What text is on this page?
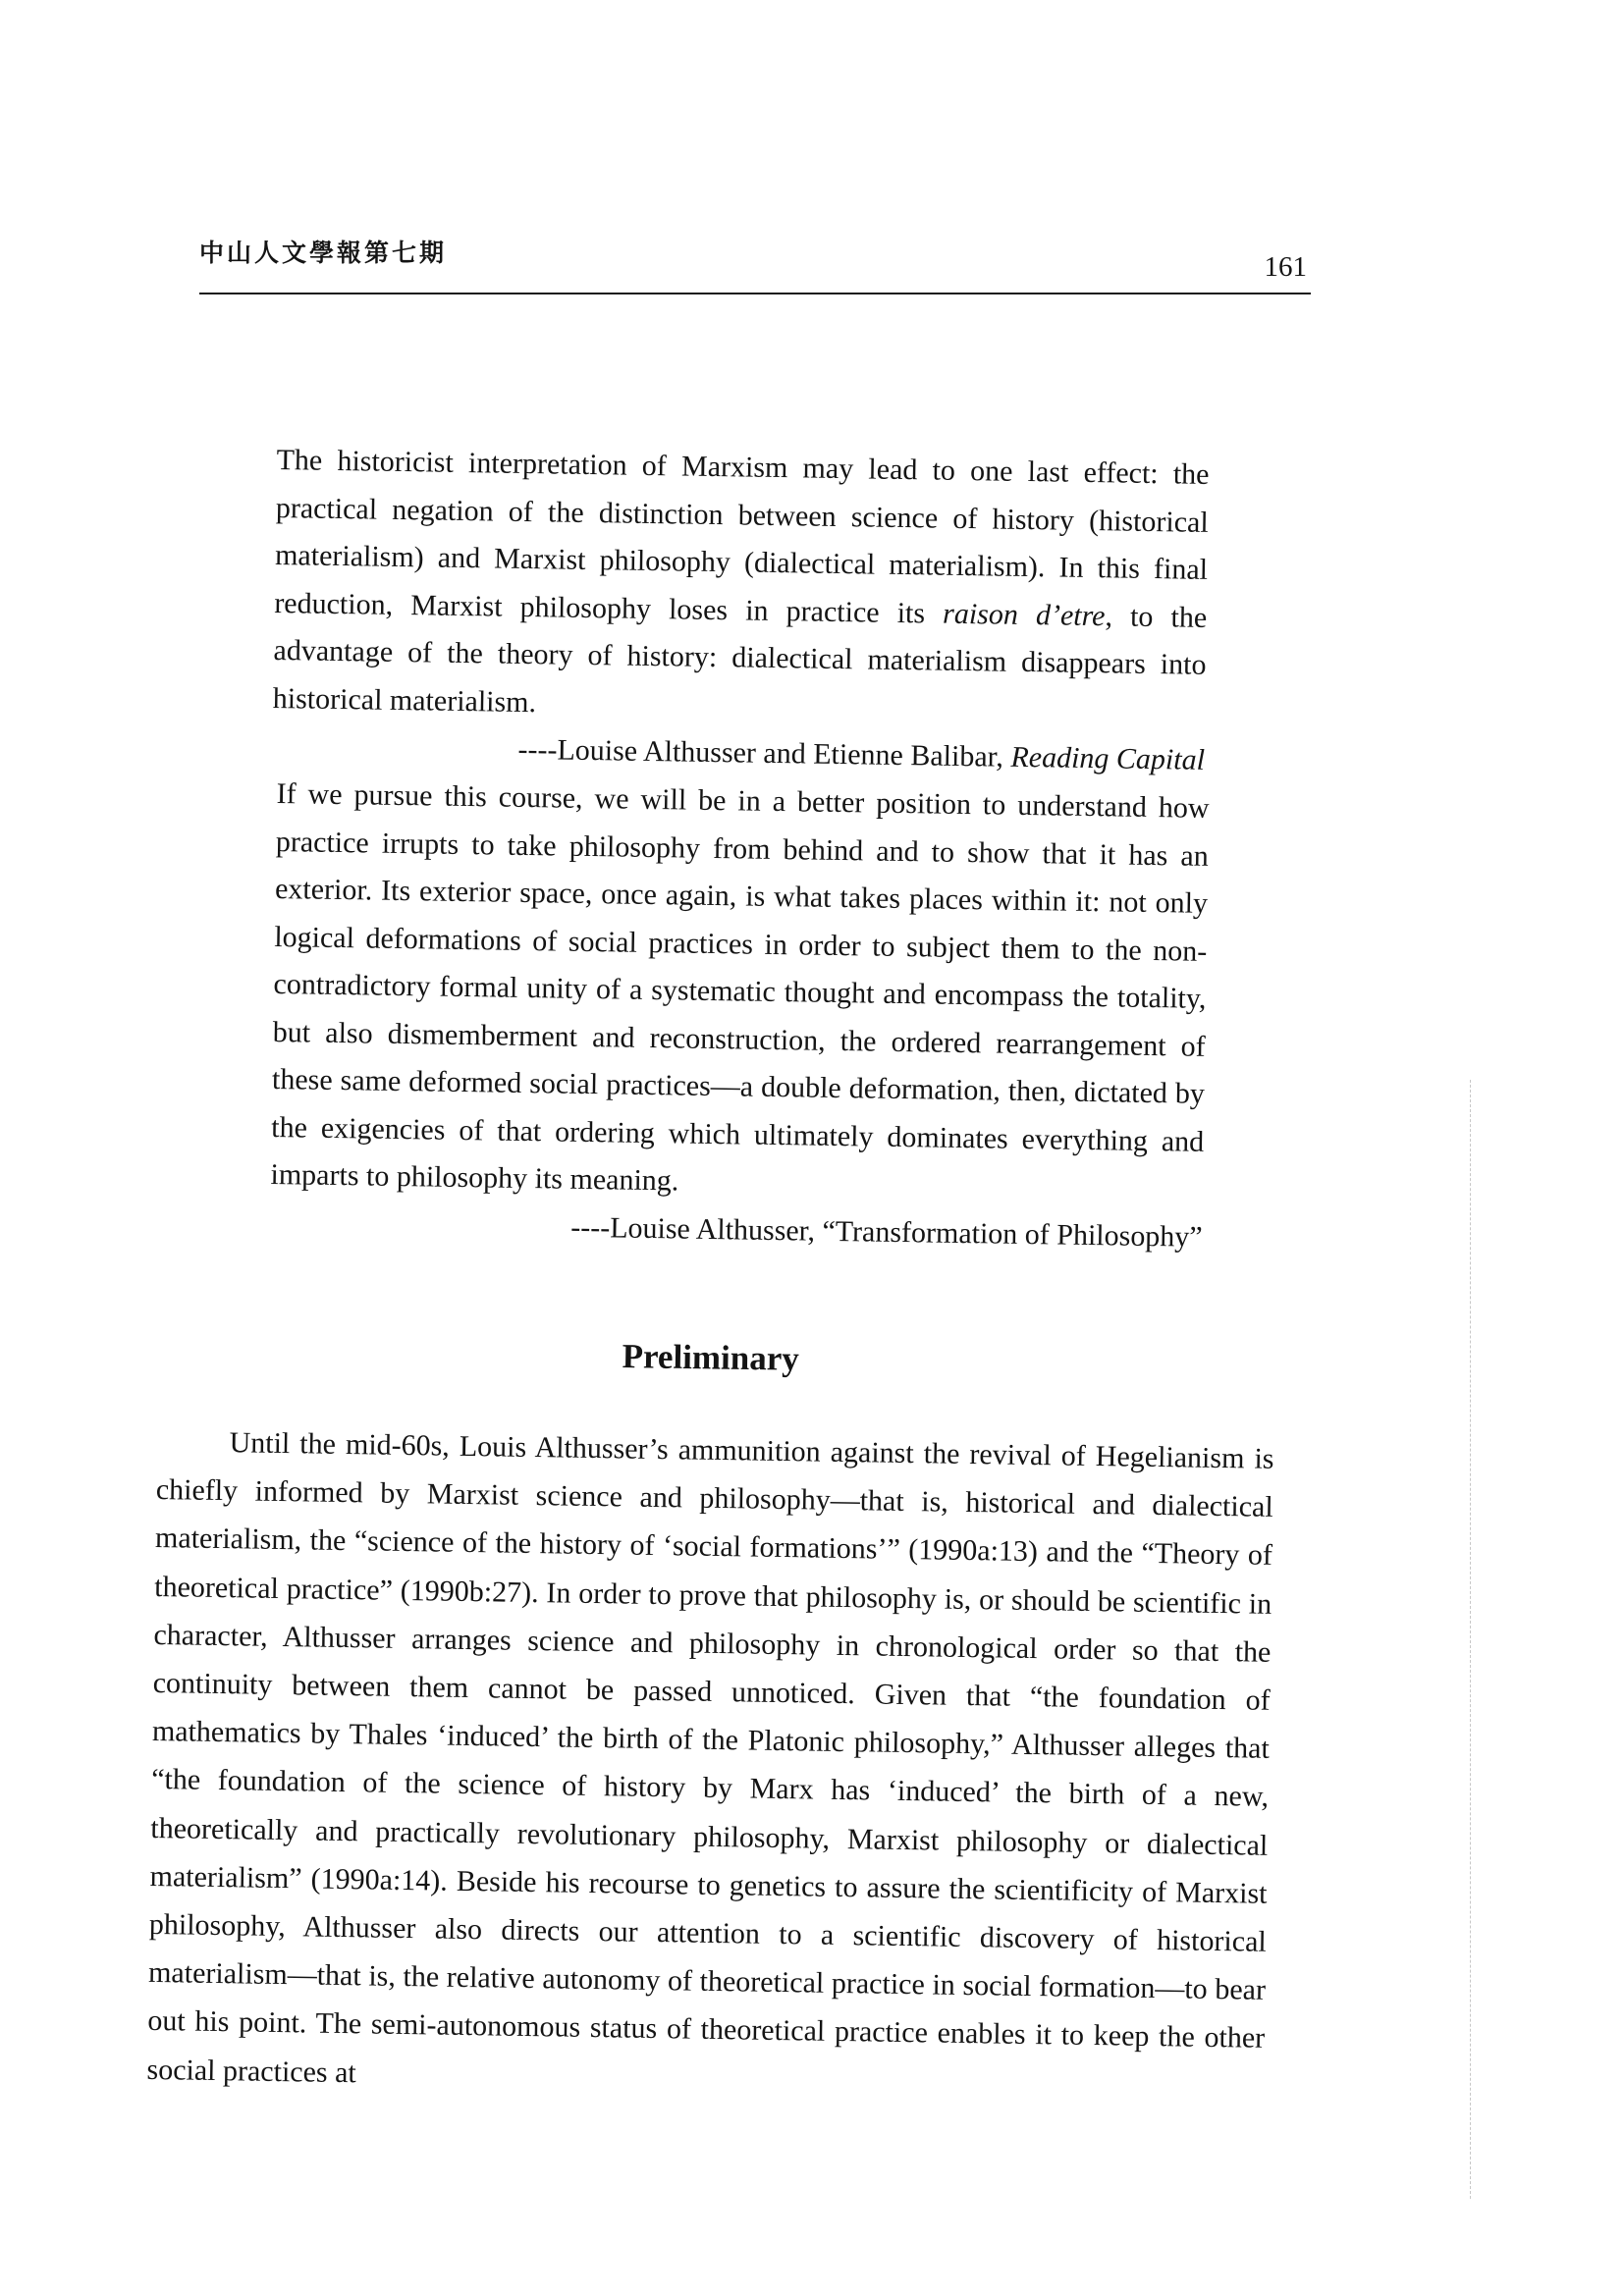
中山人文學報第七期	161

The historicist interpretation of Marxism may lead to one last effect: the practical negation of the distinction between science of history (historical materialism) and Marxist philosophy (dialectical materialism). In this final reduction, Marxist philosophy loses in practice its raison d’etre, to the advantage of the theory of history: dialectical materialism disappears into historical materialism.

----Louise Althusser and Etienne Balibar, Reading Capital

If we pursue this course, we will be in a better position to understand how practice irrupts to take philosophy from behind and to show that it has an exterior. Its exterior space, once again, is what takes places within it: not only logical deformations of social practices in order to subject them to the non-contradictory formal unity of a systematic thought and encompass the totality, but also dismemberment and reconstruction, the ordered rearrangement of these same deformed social practices—a double deformation, then, dictated by the exigencies of that ordering which ultimately dominates everything and imparts to philosophy its meaning.

----Louise Althusser, “Transformation of Philosophy”

Preliminary

Until the mid-60s, Louis Althusser’s ammunition against the revival of Hegelianism is chiefly informed by Marxist science and philosophy—that is, historical and dialectical materialism, the “science of the history of ‘social formations’” (1990a:13) and the “Theory of theoretical practice” (1990b:27). In order to prove that philosophy is, or should be scientific in character, Althusser arranges science and philosophy in chronological order so that the continuity between them cannot be passed unnoticed. Given that “the foundation of mathematics by Thales ‘induced’ the birth of the Platonic philosophy,” Althusser alleges that “the foundation of the science of history by Marx has ‘induced’ the birth of a new, theoretically and practically revolutionary philosophy, Marxist philosophy or dialectical materialism” (1990a:14). Beside his recourse to genetics to assure the scientificity of Marxist philosophy, Althusser also directs our attention to a scientific discovery of historical materialism—that is, the relative autonomy of theoretical practice in social formation—to bear out his point. The semi-autonomous status of theoretical practice enables it to keep the other social practices at
